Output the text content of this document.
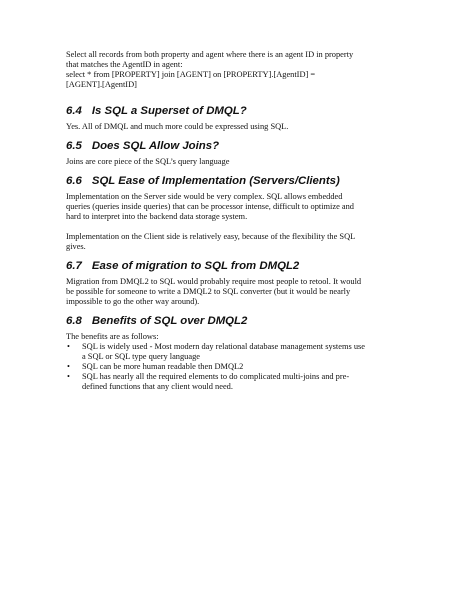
Select all records from both property and agent where there is an agent ID in property
that matches the AgentID in agent:
select * from [PROPERTY] join [AGENT] on [PROPERTY].[AgentID] =
[AGENT].[AgentID]
6.4 Is SQL a Superset of DMQL?
Yes. All of DMQL and much more could be expressed using SQL.
6.5 Does SQL Allow Joins?
Joins are core piece of the SQL’s query language
6.6 SQL Ease of Implementation (Servers/Clients)
Implementation on the Server side would be very complex. SQL allows embedded
queries (queries inside queries) that can be processor intense, difficult to optimize and
hard to interpret into the backend data storage system.
Implementation on the Client side is relatively easy, because of the flexibility the SQL
gives.
6.7 Ease of migration to SQL from DMQL2
Migration from DMQL2 to SQL would probably require most people to retool. It would
be possible for someone to write a DMQL2 to SQL converter (but it would be nearly
impossible to go the other way around).
6.8 Benefits of SQL over DMQL2
The benefits are as follows:
• SQL is widely used - Most modern day relational database management systems use
a SQL or SQL type query language
• SQL can be more human readable then DMQL2
• SQL has nearly all the required elements to do complicated multi-joins and pre-
defined functions that any client would need.
